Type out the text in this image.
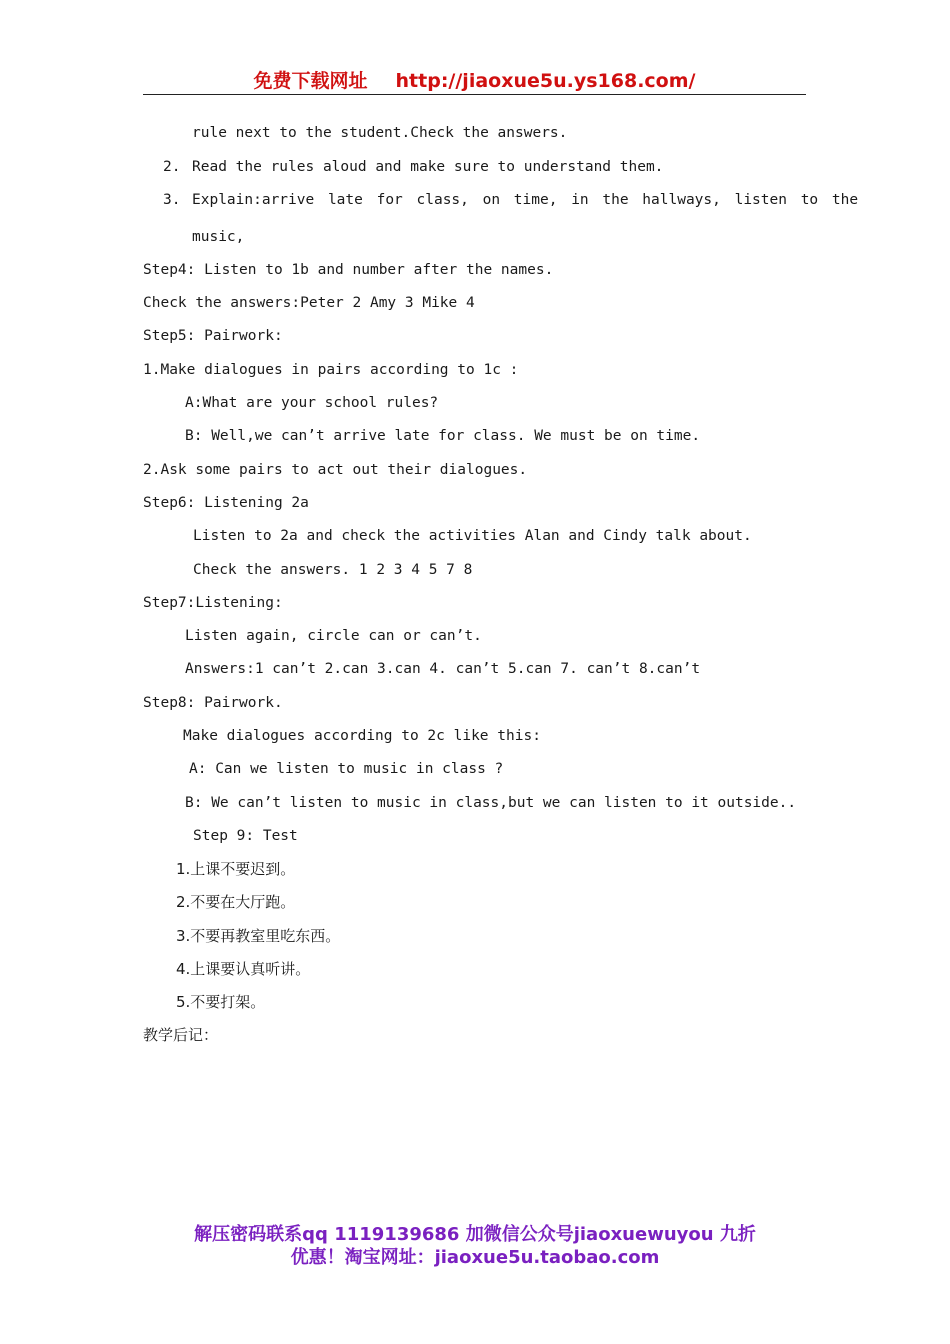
免费下载网址 http://jiaoxue5u.ys168.com/
rule next to the student.Check the answers.
2. Read the rules aloud and make sure to understand them.
3. Explain:arrive late for class, on time, in the hallways, listen to the
music,
Step4: Listen to 1b and number after the names.
Check the answers:Peter 2 Amy 3 Mike 4
Step5: Pairwork:
1.Make dialogues in pairs according to 1c :
A:What are your school rules?
B: Well,we can’t arrive late for class. We must be on time.
2.Ask some pairs to act out their dialogues.
Step6: Listening 2a
Listen to 2a and check the activities Alan and Cindy talk about.
Check the answers. 1 2 3 4 5 7 8
Step7:Listening:
Listen again, circle can or can’t.
Answers:1 can’t 2.can 3.can 4. can’t 5.can 7. can’t 8.can’t
Step8: Pairwork.
Make dialogues according to 2c like this:
A: Can we listen to music in class ?
B: We can’t listen to music in class,but we can listen to it outside..
Step 9: Test
1.上课不要迟到。
2.不要在大厅跑。
3.不要再教室里吃东西。
4.上课要认真听讲。
5.不要打架。
教学后记：
解压密码联系qq 1119139686 加微信公众号jiaoxuewuyou 九折
优惠！淘宝网址：jiaoxue5u.taobao.com
